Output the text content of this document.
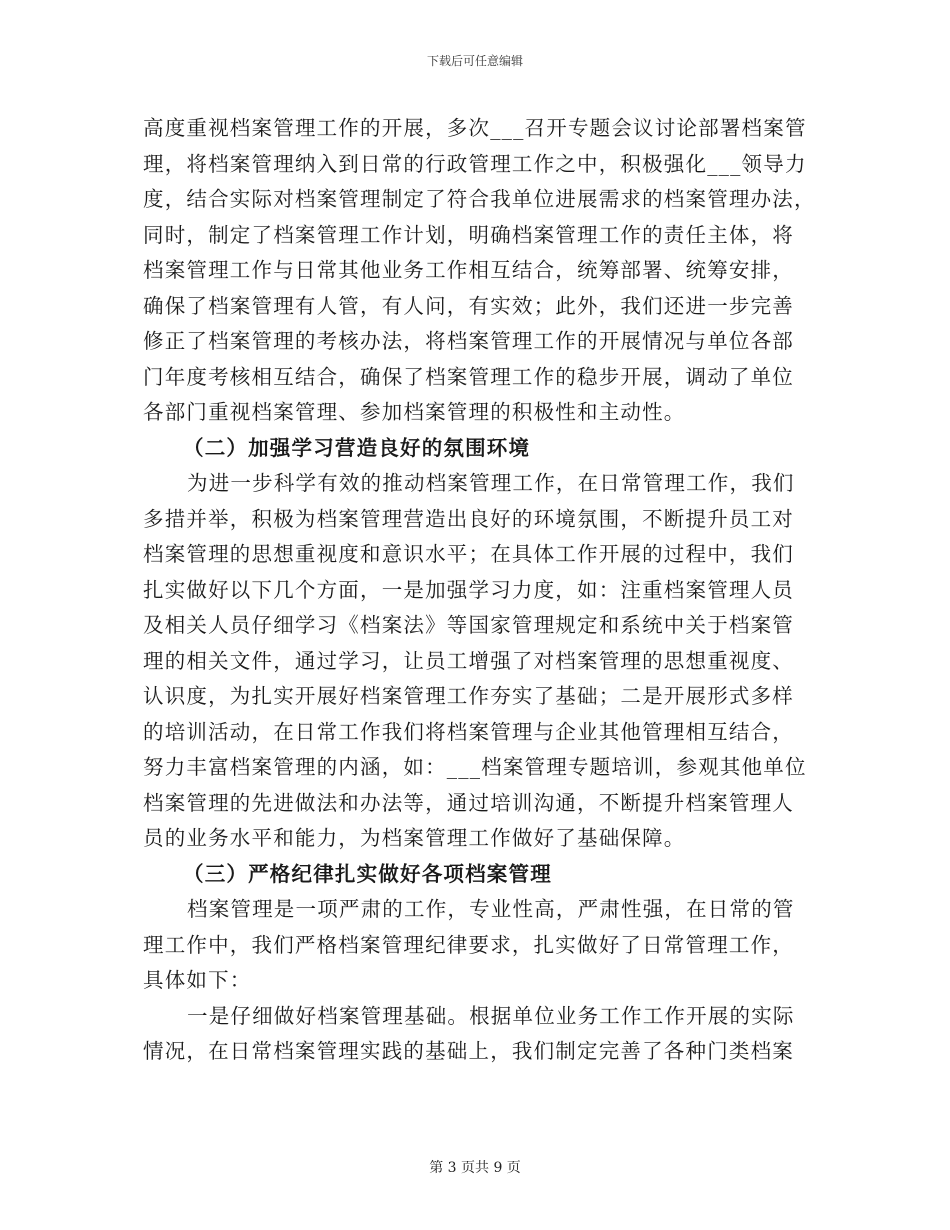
下载后可任意编辑
高度重视档案管理工作的开展，多次___召开专题会议讨论部署档案管
理，将档案管理纳入到日常的行政管理工作之中，积极强化___领导力
度，结合实际对档案管理制定了符合我单位进展需求的档案管理办法，
同时，制定了档案管理工作计划，明确档案管理工作的责任主体，将
档案管理工作与日常其他业务工作相互结合，统筹部署、统筹安排，
确保了档案管理有人管，有人问，有实效；此外，我们还进一步完善
修正了档案管理的考核办法，将档案管理工作的开展情况与单位各部
门年度考核相互结合，确保了档案管理工作的稳步开展，调动了单位
各部门重视档案管理、参加档案管理的积极性和主动性。
（二）加强学习营造良好的氛围环境
为进一步科学有效的推动档案管理工作，在日常管理工作，我们
多措并举，积极为档案管理营造出良好的环境氛围，不断提升员工对
档案管理的思想重视度和意识水平；在具体工作开展的过程中，我们
扎实做好以下几个方面，一是加强学习力度，如：注重档案管理人员
及相关人员仔细学习《档案法》等国家管理规定和系统中关于档案管
理的相关文件，通过学习，让员工增强了对档案管理的思想重视度、
认识度，为扎实开展好档案管理工作夯实了基础；二是开展形式多样
的培训活动，在日常工作我们将档案管理与企业其他管理相互结合，
努力丰富档案管理的内涵，如：___档案管理专题培训，参观其他单位
档案管理的先进做法和办法等，通过培训沟通，不断提升档案管理人
员的业务水平和能力，为档案管理工作做好了基础保障。
（三）严格纪律扎实做好各项档案管理
档案管理是一项严肃的工作，专业性高，严肃性强，在日常的管
理工作中，我们严格档案管理纪律要求，扎实做好了日常管理工作，
具体如下：
一是仔细做好档案管理基础。根据单位业务工作工作开展的实际
情况，在日常档案管理实践的基础上，我们制定完善了各种门类档案
第 3 页共 9 页
